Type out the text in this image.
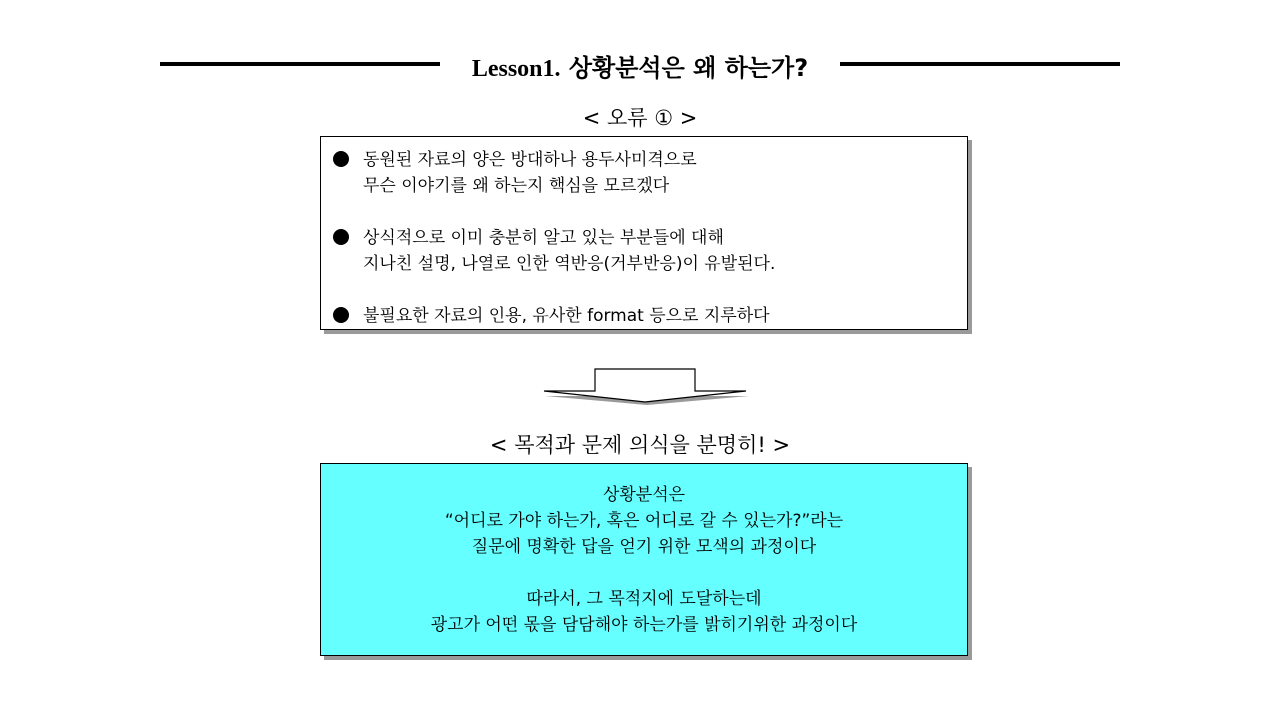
Lesson1. 상황분석은 왜 하는가?
< 오류 ① >
동원된 자료의 양은 방대하나 용두사미격으로
무슨 이야기를 왜 하는지 핵심을 모르겠다
상식적으로 이미 충분히 알고 있는 부분들에 대해
지나친 설명, 나열로 인한 역반응(거부반응)이 유발된다.
불필요한 자료의 인용, 유사한 format 등으로 지루하다
< 목적과 문제 의식을 분명히! >
상황분석은
“어디로 가야 하는가, 혹은 어디로 갈 수 있는가?”라는
질문에 명확한 답을 얻기 위한 모색의 과정이다
따라서, 그 목적지에 도달하는데
광고가 어떤 몫을 담담해야 하는가를 밝히기위한 과정이다
